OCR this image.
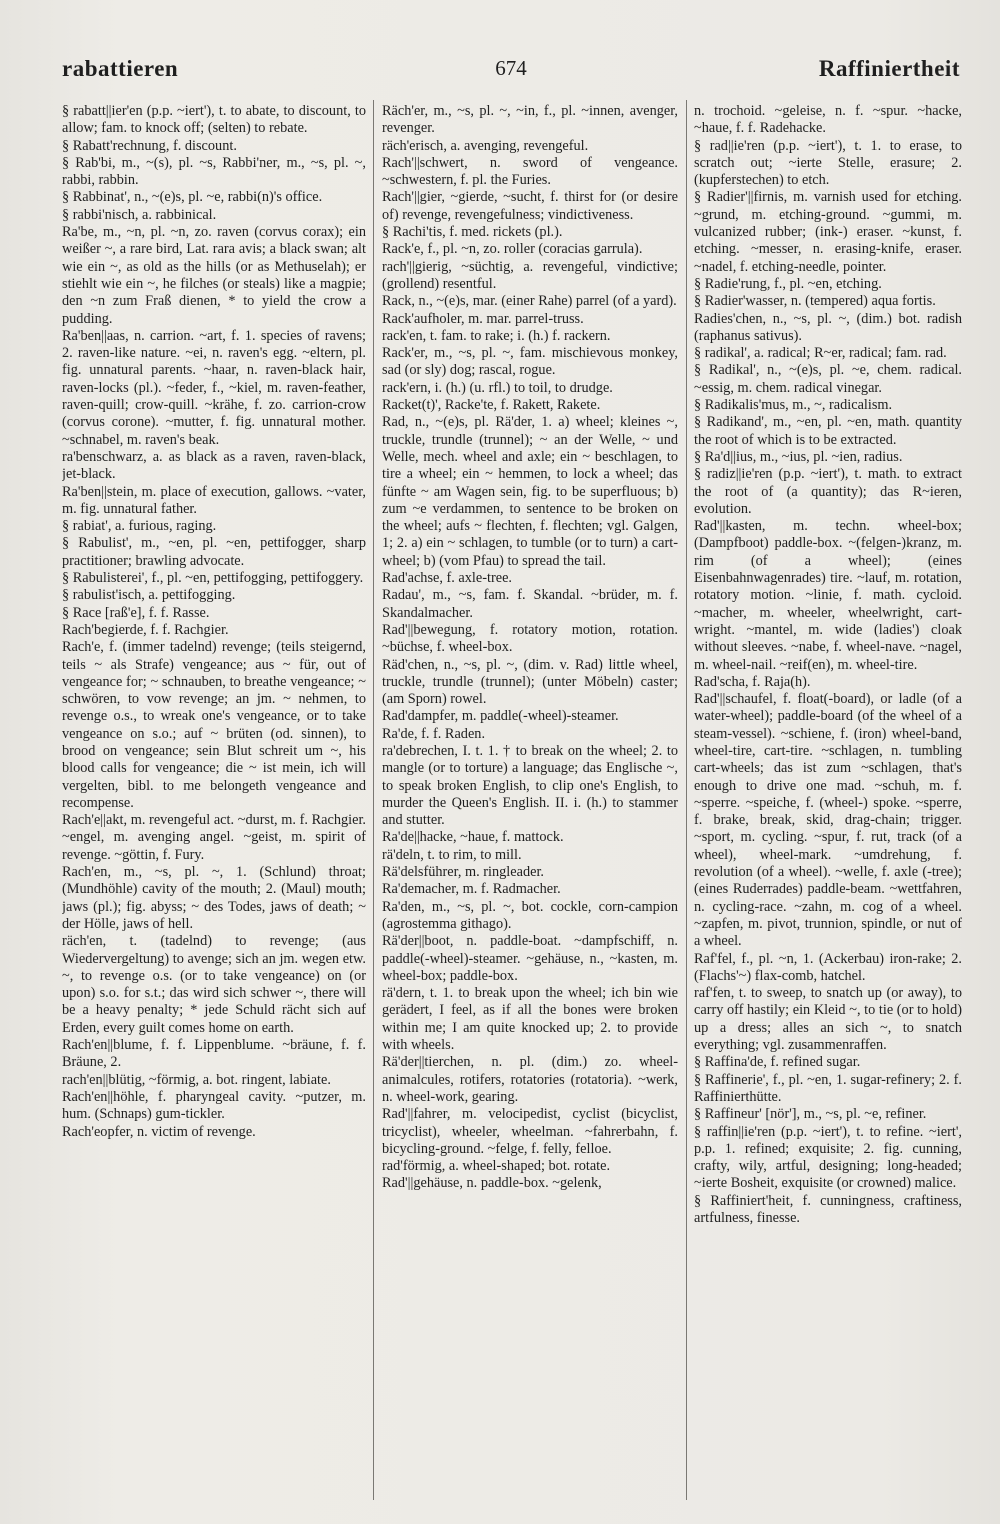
rabattieren	674	Raffiniertheit
§ rabatt||ier'en (p.p. ~iert'), t. to abate, to discount, to allow; fam. to knock off; (selten) to rebate.
§ Rabatt'rechnung, f. discount.
§ Rab'bi, m., ~(s), pl. ~s, Rabbi'ner, m., ~s, pl. ~, rabbi, rabbin.
§ Rabbinat', n., ~(e)s, pl. ~e, rabbi(n)'s office.
§ rabbi'nisch, a. rabbinical.
Ra'be, m., ~n, pl. ~n, zo. raven (corvus corax); ein weißer ~, a rare bird, Lat. rara avis; a black swan; alt wie ein ~, as old as the hills (or as Methuselah); er stiehlt wie ein ~, he filches (or steals) like a magpie; den ~n zum Fraß dienen, * to yield the crow a pudding.
Ra'ben||aas, n. carrion. ~art, f. 1. species of ravens; 2. raven-like nature. ~ei, n. raven's egg. ~eltern, pl. fig. unnatural parents. ~haar, n. raven-black hair, raven-locks (pl.). ~feder, f., ~kiel, m. raven-feather, raven-quill; crow-quill. ~krähe, f. zo. carrion-crow (corvus corone). ~mutter, f. fig. unnatural mother. ~schnabel, m. raven's beak.
ra'benschwarz, a. as black as a raven, raven-black, jet-black.
Ra'ben||stein, m. place of execution, gallows. ~vater, m. fig. unnatural father.
§ rabiat', a. furious, raging.
§ Rabulist', m., ~en, pl. ~en, pettifogger, sharp practitioner; brawling advocate.
§ Rabulisterei', f., pl. ~en, pettifogging, pettifoggery.
§ rabulist'isch, a. pettifogging.
§ Race [raß'e], f. f. Rasse.
Rach'begierde, f. f. Rachgier.
Rach'e, f. (immer tadelnd) revenge; (teils steigernd, teils ~ als Strafe) vengeance; aus ~ für, out of vengeance for; ~ schnauben, to breathe vengeance; ~ schwören, to vow revenge; an jm. ~ nehmen, to revenge o.s., to wreak one's vengeance, or to take vengeance on s.o.; auf ~ brüten (od. sinnen), to brood on vengeance; sein Blut schreit um ~, his blood calls for vengeance; die ~ ist mein, ich will vergelten, bibl. to me belongeth vengeance and recompense.
Rach'e||akt, m. revengeful act. ~durst, m. f. Rachgier. ~engel, m. avenging angel. ~geist, m. spirit of revenge. ~göttin, f. Fury.
Rach'en, m., ~s, pl. ~, 1. (Schlund) throat; (Mundhöhle) cavity of the mouth; 2. (Maul) mouth; jaws (pl.); fig. abyss; ~ des Todes, jaws of death; ~ der Hölle, jaws of hell.
räch'en, t. (tadelnd) to revenge; (aus Wiedervergeltung) to avenge; sich an jm. wegen etw. ~, to revenge o.s. (or to take vengeance) on (or upon) s.o. for s.t.; das wird sich schwer ~, there will be a heavy penalty; * jede Schuld rächt sich auf Erden, every guilt comes home on earth.
Rach'en||blume, f. f. Lippenblume. ~bräune, f. f. Bräune, 2.
rach'en||blütig, ~förmig, a. bot. ringent, labiate.
Rach'en||höhle, f. pharyngeal cavity. ~putzer, m. hum. (Schnaps) gum-tickler.
Rach'eopfer, n. victim of revenge.
Räch'er, m., ~s, pl. ~, ~in, f., pl. ~innen, avenger, revenger.
räch'erisch, a. avenging, revengeful.
Rach'||schwert, n. sword of vengeance. ~schwestern, f. pl. the Furies.
Rach'||gier, ~gierde, ~sucht, f. thirst for (or desire of) revenge, revengefulness; vindictiveness.
§ Rachi'tis, f. med. rickets (pl.).
Rack'e, f., pl. ~n, zo. roller (coracias garrula).
rach'||gierig, ~süchtig, a. revengeful, vindictive; (grollend) resentful.
Rack, n., ~(e)s, mar. (einer Rahe) parrel (of a yard).
Rack'aufholer, m. mar. parrel-truss.
rack'en, t. fam. to rake; i. (h.) f. rackern.
Rack'er, m., ~s, pl. ~, fam. mischievous monkey, sad (or sly) dog; rascal, rogue.
rack'ern, i. (h.) (u. rfl.) to toil, to drudge.
Racket(t)', Racke'te, f. Rakett, Rakete.
Rad, n., ~(e)s, pl. Rä'der, 1. a) wheel; kleines ~, truckle, trundle (trunnel); ~ an der Welle, ~ und Welle, mech. wheel and axle; ein ~ beschlagen, to tire a wheel; ein ~ hemmen, to lock a wheel; das fünfte ~ am Wagen sein, fig. to be superfluous; b) zum ~e verdammen, to sentence to be broken on the wheel; aufs ~ flechten, f. flechten; vgl. Galgen, 1; 2. a) ein ~ schlagen, to tumble (or to turn) a cart-wheel; b) (vom Pfau) to spread the tail.
Rad'achse, f. axle-tree.
Radau', m., ~s, fam. f. Skandal. ~brüder, m. f. Skandalmacher.
Rad'||bewegung, f. rotatory motion, rotation. ~büchse, f. wheel-box.
Räd'chen, n., ~s, pl. ~, (dim. v. Rad) little wheel, truckle, trundle (trunnel); (unter Möbeln) caster; (am Sporn) rowel.
Rad'dampfer, m. paddle(-wheel)-steamer.
Ra'de, f. f. Raden.
ra'debrechen, I. t. 1. † to break on the wheel; 2. to mangle (or to torture) a language; das Englische ~, to speak broken English, to clip one's English, to murder the Queen's English. II. i. (h.) to stammer and stutter.
Ra'de||hacke, ~haue, f. mattock.
rä'deln, t. to rim, to mill.
Rä'delsführer, m. ringleader.
Ra'demacher, m. f. Radmacher.
Ra'den, m., ~s, pl. ~, bot. cockle, corn-campion (agrostemma githago).
Rä'der||boot, n. paddle-boat. ~dampfschiff, n. paddle(-wheel)-steamer. ~gehäuse, n., ~kasten, m. wheel-box; paddle-box.
rä'dern, t. 1. to break upon the wheel; ich bin wie gerädert, I feel, as if all the bones were broken within me; I am quite knocked up; 2. to provide with wheels.
Rä'der||tierchen, n. pl. (dim.) zo. wheel-animalcules, rotifers, rotatories (rotatoria). ~werk, n. wheel-work, gearing.
Rad'||fahrer, m. velocipedist, cyclist (bicyclist, tricyclist), wheeler, wheelman. ~fahrerbahn, f. bicycling-ground. ~felge, f. felly, felloe.
rad'förmig, a. wheel-shaped; bot. rotate.
Rad'||gehäuse, n. paddle-box. ~gelenk,
n. trochoid. ~geleise, n. f. ~spur. ~hacke, ~haue, f. f. Radehacke.
§ rad||ie'ren (p.p. ~iert'), t. 1. to erase, to scratch out; ~ierte Stelle, erasure; 2. (kupferstechen) to etch.
§ Radier'||firnis, m. varnish used for etching. ~grund, m. etching-ground. ~gummi, m. vulcanized rubber; (ink-) eraser. ~kunst, f. etching. ~messer, n. erasing-knife, eraser. ~nadel, f. etching-needle, pointer.
§ Radie'rung, f., pl. ~en, etching.
§ Radier'wasser, n. (tempered) aqua fortis.
Radies'chen, n., ~s, pl. ~, (dim.) bot. radish (raphanus sativus).
§ radikal', a. radical; R~er, radical; fam. rad.
§ Radikal', n., ~(e)s, pl. ~e, chem. radical. ~essig, m. chem. radical vinegar.
§ Radikalis'mus, m., ~, radicalism.
§ Radikand', m., ~en, pl. ~en, math. quantity the root of which is to be extracted.
§ Ra'd||ius, m., ~ius, pl. ~ien, radius.
§ radiz||ie'ren (p.p. ~iert'), t. math. to extract the root of (a quantity); das R~ieren, evolution.
Rad'||kasten, m. techn. wheel-box; (Dampfboot) paddle-box. ~(felgen-)kranz, m. rim (of a wheel); (eines Eisenbahnwagenrades) tire. ~lauf, m. rotation, rotatory motion. ~linie, f. math. cycloid. ~macher, m. wheeler, wheelwright, cart-wright. ~mantel, m. wide (ladies') cloak without sleeves. ~nabe, f. wheel-nave. ~nagel, m. wheel-nail. ~reif(en), m. wheel-tire.
Rad'scha, f. Raja(h).
Rad'||schaufel, f. float(-board), or ladle (of a water-wheel); paddle-board (of the wheel of a steam-vessel). ~schiene, f. (iron) wheel-band, wheel-tire, cart-tire. ~schlagen, n. tumbling cart-wheels; das ist zum ~schlagen, that's enough to drive one mad. ~schuh, m. f. ~sperre. ~speiche, f. (wheel-) spoke. ~sperre, f. brake, break, skid, drag-chain; trigger. ~sport, m. cycling. ~spur, f. rut, track (of a wheel), wheel-mark. ~umdrehung, f. revolution (of a wheel). ~welle, f. axle (-tree); (eines Ruderrades) paddle-beam. ~wettfahren, n. cycling-race. ~zahn, m. cog of a wheel. ~zapfen, m. pivot, trunnion, spindle, or nut of a wheel.
Raf'fel, f., pl. ~n, 1. (Ackerbau) iron-rake; 2. (Flachs'~) flax-comb, hatchel.
raf'fen, t. to sweep, to snatch up (or away), to carry off hastily; ein Kleid ~, to tie (or to hold) up a dress; alles an sich ~, to snatch everything; vgl. zusammenraffen.
§ Raffina'de, f. refined sugar.
§ Raffinerie', f., pl. ~en, 1. sugar-refinery; 2. f. Raffinierthütte.
§ Raffineur' [nör'], m., ~s, pl. ~e, refiner.
§ raffin||ie'ren (p.p. ~iert'), t. to refine. ~iert', p.p. 1. refined; exquisite; 2. fig. cunning, crafty, wily, artful, designing; long-headed; ~ierte Bosheit, exquisite (or crowned) malice.
§ Raffiniert'heit, f. cunningness, craftiness, artfulness, finesse.
